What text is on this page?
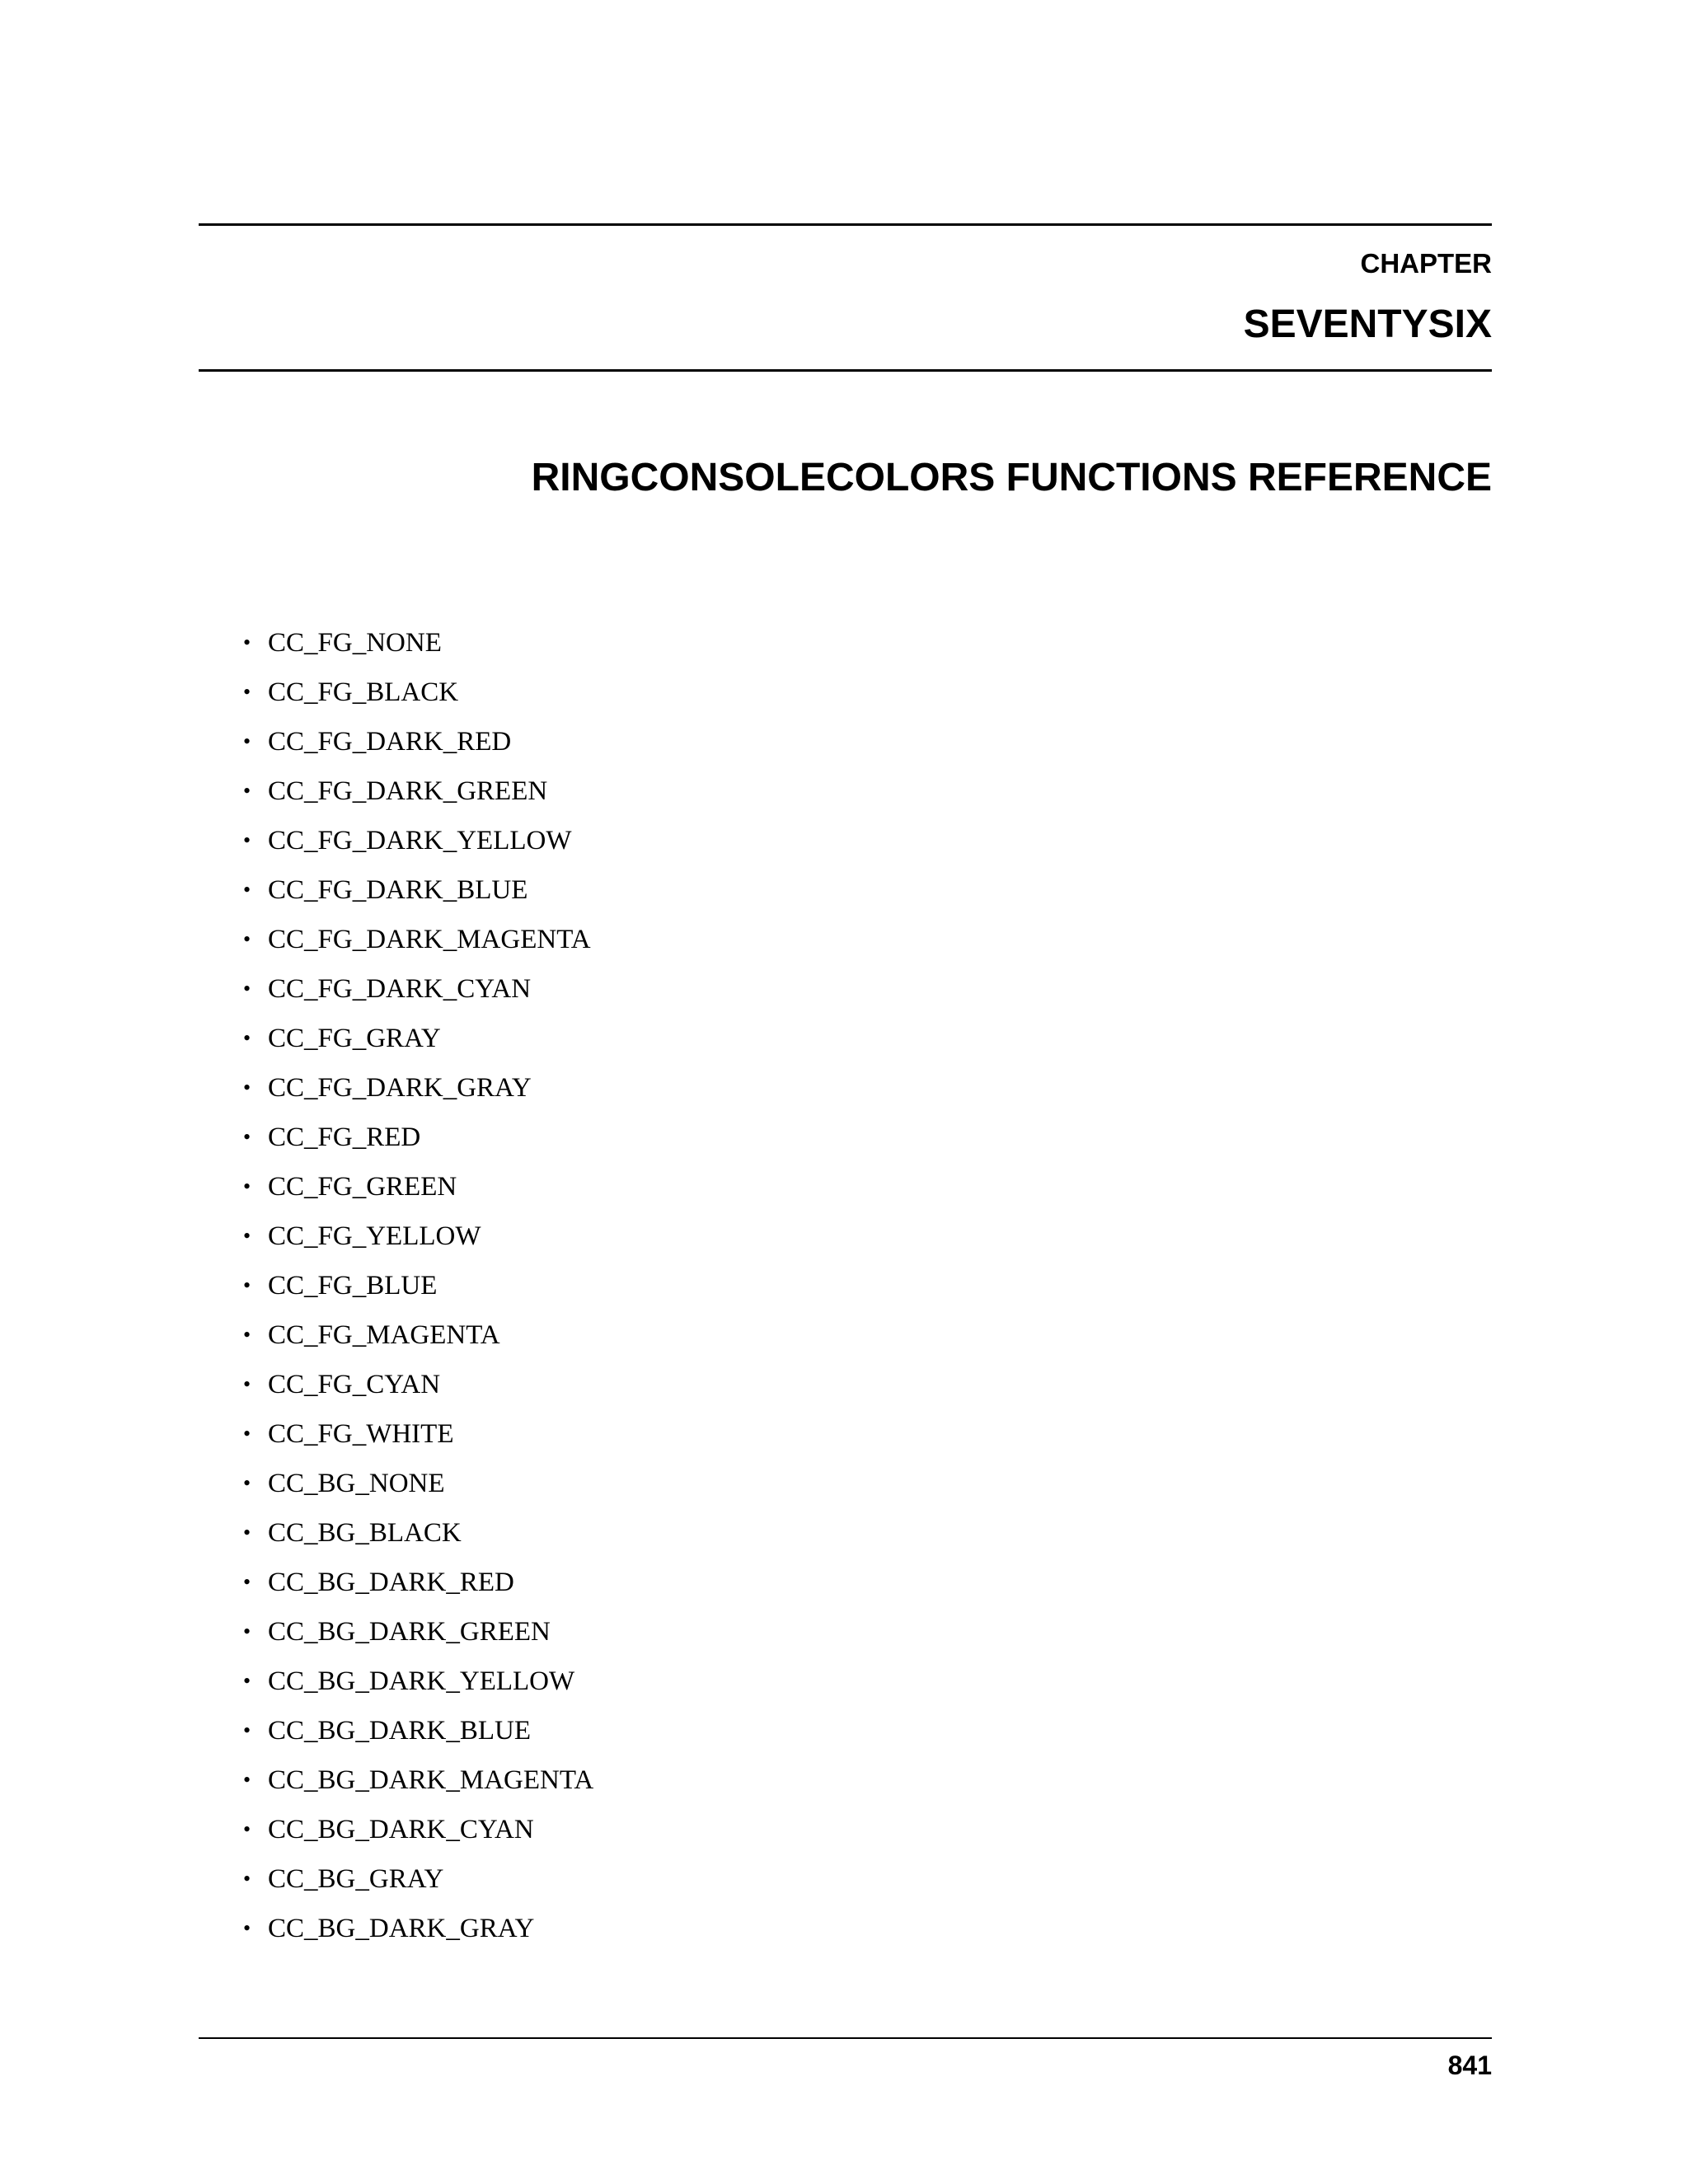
CHAPTER
SEVENTYSIX
RINGCONSOLECOLORS FUNCTIONS REFERENCE
• CC_FG_NONE
• CC_FG_BLACK
• CC_FG_DARK_RED
• CC_FG_DARK_GREEN
• CC_FG_DARK_YELLOW
• CC_FG_DARK_BLUE
• CC_FG_DARK_MAGENTA
• CC_FG_DARK_CYAN
• CC_FG_GRAY
• CC_FG_DARK_GRAY
• CC_FG_RED
• CC_FG_GREEN
• CC_FG_YELLOW
• CC_FG_BLUE
• CC_FG_MAGENTA
• CC_FG_CYAN
• CC_FG_WHITE
• CC_BG_NONE
• CC_BG_BLACK
• CC_BG_DARK_RED
• CC_BG_DARK_GREEN
• CC_BG_DARK_YELLOW
• CC_BG_DARK_BLUE
• CC_BG_DARK_MAGENTA
• CC_BG_DARK_CYAN
• CC_BG_GRAY
• CC_BG_DARK_GRAY
841
